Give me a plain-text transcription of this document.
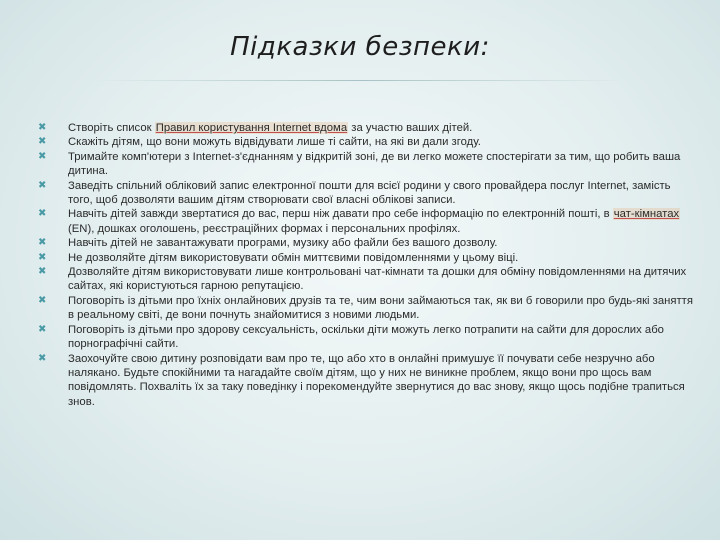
Підказки безпеки:
✖ Створіть список Правил користування Internet вдома за участю ваших дітей.
✖ Скажіть дітям, що вони можуть відвідувати лише ті сайти, на які ви дали згоду.
✖ Тримайте комп'ютери з Internet-з'єднанням у відкритій зоні, де ви легко можете спостерігати за тим, що робить ваша дитина.
✖ Заведіть спільний обліковий запис електронної пошти для всієї родини у свого провайдера послуг Internet, замість того, щоб дозволяти вашим дітям створювати свої власні облікові записи.
✖ Навчіть дітей завжди звертатися до вас, перш ніж давати про себе інформацію по електронній пошті, в чат-кімнатах (EN), дошках оголошень, реєстраційних формах і персональних профілях.
✖ Навчіть дітей не завантажувати програми, музику або файли без вашого дозволу.
✖ Не дозволяйте дітям використовувати обмін миттєвими повідомленнями у цьому віці.
✖ Дозволяйте дітям використовувати лише контрольовані чат-кімнати та дошки для обміну повідомленнями на дитячих сайтах, які користуються гарною репутацією.
✖ Поговоріть із дітьми про їхніх онлайнових друзів та те, чим вони займаються так, як ви б говорили про будь-які заняття в реальному світі, де вони почнуть знайомитися з новими людьми.
✖ Поговоріть із дітьми про здорову сексуальність, оскільки діти можуть легко потрапити на сайти для дорослих або порнографічні сайти.
✖ Заохочуйте свою дитину розповідати вам про те, що або хто в онлайні примушує її почувати себе незручно або налякано. Будьте спокійними та нагадайте своїм дітям, що у них не виникне проблем, якщо вони про щось вам повідомлять. Похваліть їх за таку поведінку і порекомендуйте звернутися до вас знову, якщо щось подібне трапиться знов.
